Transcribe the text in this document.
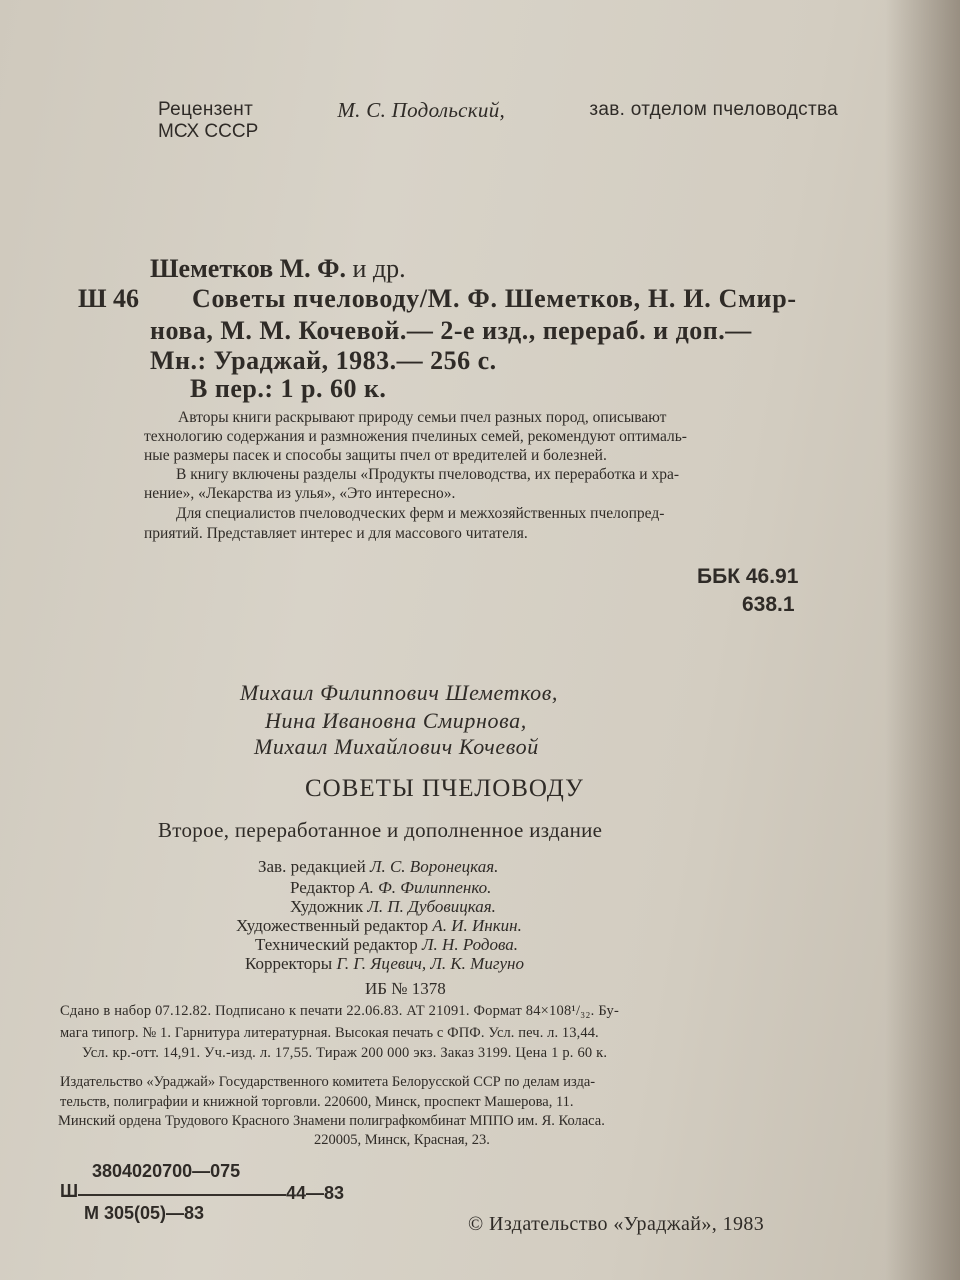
Рецензент	М. С. Подольский,	зав. отделом пчеловодства
МСХ СССР
Шеметков М. Ф. и др.
Ш 46 Советы пчеловоду/М. Ф. Шеметков, Н. И. Смир-
нова, М. М. Кочевой.— 2-е изд., перераб. и доп.—
Мн.: Ураджай, 1983.— 256 с.
В пер.: 1 р. 60 к.
Авторы книги раскрывают природу семьи пчел разных пород, описывают
технологию содержания и размножения пчелиных семей, рекомендуют оптималь-
ные размеры пасек и способы защиты пчел от вредителей и болезней.
В книгу включены разделы «Продукты пчеловодства, их переработка и хра-
нение», «Лекарства из улья», «Это интересно».
Для специалистов пчеловодческих ферм и межхозяйственных пчелопред-
приятий. Представляет интерес и для массового читателя.
ББК 46.91
638.1
Михаил Филиппович Шеметков,
Нина Ивановна Смирнова,
Михаил Михайлович Кочевой
СОВЕТЫ ПЧЕЛОВОДУ
Второе, переработанное и дополненное издание
Зав. редакцией Л. С. Воронецкая.
Редактор А. Ф. Филиппенко.
Художник Л. П. Дубовицкая.
Художественный редактор А. И. Инкин.
Технический редактор Л. Н. Родова.
Корректоры Г. Г. Яцевич, Л. К. Мигуно
ИБ № 1378
Сдано в набор 07.12.82. Подписано к печати 22.06.83. АТ 21091. Формат 84×108¹/₃₂. Бу-
мага типогр. № 1. Гарнитура литературная. Высокая печать с ФПФ. Усл. печ. л. 13,44.
Усл. кр.-отт. 14,91. Уч.-изд. л. 17,55. Тираж 200 000 экз. Заказ 3199. Цена 1 р. 60 к.
Издательство «Ураджай» Государственного комитета Белорусской ССР по делам изда-
тельств, полиграфии и книжной торговли. 220600, Минск, проспект Машерова, 11.
Минский ордена Трудового Красного Знамени полиграфкомбинат МППО им. Я. Коласа.
220005, Минск, Красная, 23.
3804020700—075
Ш	44—83
М 305(05)—83	© Издательство «Ураджай», 1983
